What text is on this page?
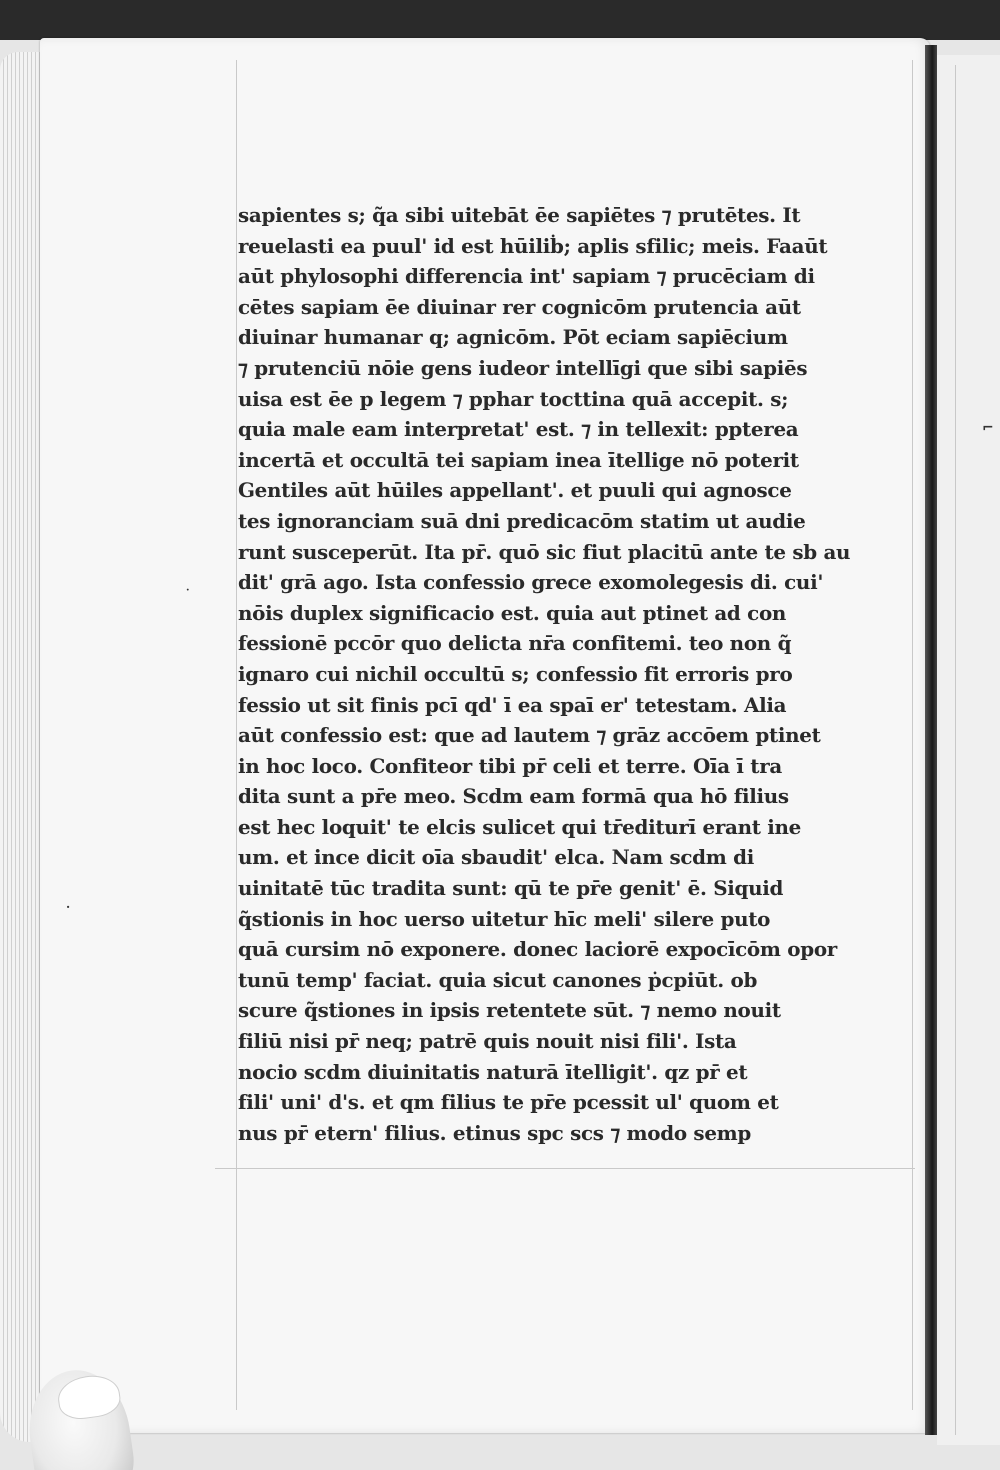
sapientes s; q̃a sibi uitebāt ēe sapiētes ⁊ prutētes. It
reuelasti ea puul' id est hūiliḃ; aplis sfilic; meis. Faaūt
aūt phylosophi differencia int' sapiam ⁊ prucēciam di
cētes sapiam ēe diuinar rer cognicōm prutencia aūt
diuinar humanar q; agnicōm. Pōt eciam sapiēcium
⁊ prutenciū nōie gens iudeor intellīgi que sibi sapiēs
uisa est ēe p legem ⁊ pphar tocttina quā accepit. s;
quia male eam interpretat' est. ⁊ in tellexit: ppterea
incertā et occultā tei sapiam inea ītellige nō poterit
Gentiles aūt hūiles appellant'. et puuli qui agnosce
tes ignoranciam suā dni predicacōm statim ut audie
runt susceperūt. Ita pr̄. quō sic fiut placitū ante te sb au
dit' grā ago. Ista confessio grece exomolegesis di. cui'
nōis duplex significacio est. quia aut ptinet ad con
fessionē pccōr quo delicta nr̄a confitemi. teo non q̃
ignaro cui nichil occultū s; confessio fit erroris pro
fessio ut sit finis pcī qd' ī ea spaī er' tetestam. Alia
aūt confessio est: que ad lautem ⁊ grāz accōem ptinet
in hoc loco. Confiteor tibi pr̄ celi et terre. Oīa ī tra
dita sunt a pr̄e meo. Scdm eam formā qua hō filius
est hec loquit' te elcis sulicet qui tr̄editurī erant ine
um. et ince dicit oīa sbaudit' elca. Nam scdm di
uinitatē tūc tradita sunt: qū te pr̄e genit' ē. Siquid
q̃stionis in hoc uerso uitetur hīc meli' silere puto
quā cursim nō exponere. donec laciorē expocīcōm opor
tunū temp' faciat. quia sicut canones ṗcpiūt. ob
scure q̃stiones in ipsis retentete sūt. ⁊ nemo nouit
filiū nisi pr̄ neq; patrē quis nouit nisi fili'. Ista
nocio scdm diuinitatis naturā ītelligit'. qz pr̄ et
fili' uni' d's. et qm filius te pr̄e pcessit ul' quom et
nus pr̄ etern' filius. etinus spc scs ⁊ modo semp
·
·
⌐
